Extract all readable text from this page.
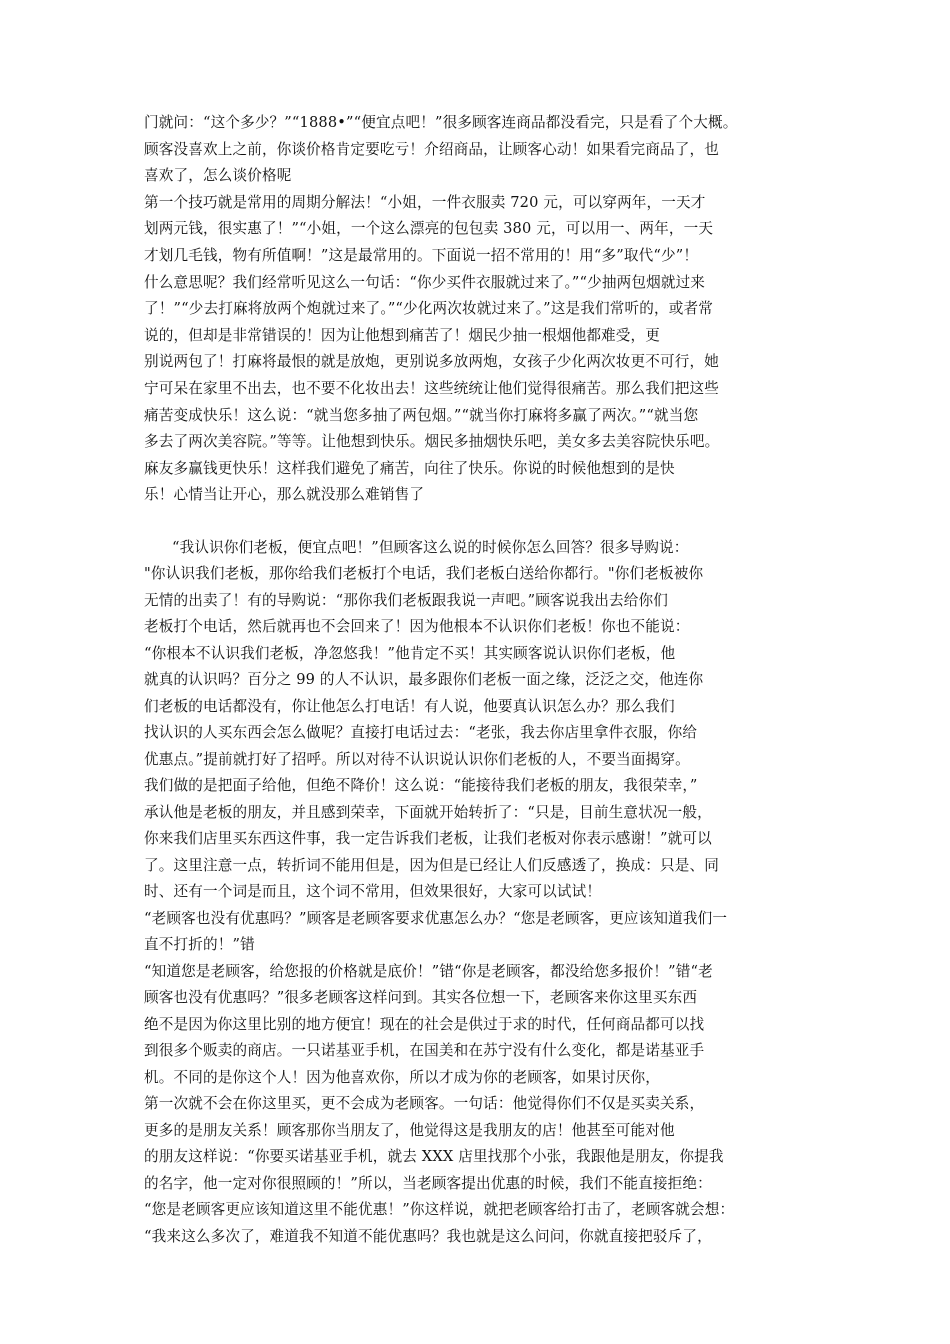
门就问：“这个多少？”“1888•”“便宜点吧！”很多顾客连商品都没看完，只是看了个大概。
顾客没喜欢上之前，你谈价格肯定要吃亏！介绍商品，让顾客心动！如果看完商品了，也
喜欢了，怎么谈价格呢
第一个技巧就是常用的周期分解法！“小姐，一件衣服卖 720 元，可以穿两年，一天才
划两元钱，很实惠了！”“小姐，一个这么漂亮的包包卖 380 元，可以用一、两年，一天
才划几毛钱，物有所值啊！”这是最常用的。下面说一招不常用的！用“多”取代“少”！
什么意思呢？我们经常听见这么一句话：“你少买件衣服就过来了。”“少抽两包烟就过来
了！”“少去打麻将放两个炮就过来了。”“少化两次妆就过来了。”这是我们常听的，或者常
说的，但却是非常错误的！因为让他想到痛苦了！烟民少抽一根烟他都难受，更
别说两包了！打麻将最恨的就是放炮，更别说多放两炮，女孩子少化两次妆更不可行，她
宁可呆在家里不出去，也不要不化妆出去！这些统统让他们觉得很痛苦。那么我们把这些
痛苦变成快乐！这么说：“就当您多抽了两包烟。”“就当你打麻将多赢了两次。”“就当您
多去了两次美容院。”等等。让他想到快乐。烟民多抽烟快乐吧，美女多去美容院快乐吧。
麻友多赢钱更快乐！这样我们避免了痛苦，向往了快乐。你说的时候他想到的是快
乐！心情当让开心，那么就没那么难销售了
“我认识你们老板，便宜点吧！”但顾客这么说的时候你怎么回答？很多导购说：
"你认识我们老板，那你给我们老板打个电话，我们老板白送给你都行。"你们老板被你
无情的出卖了！有的导购说：“那你我们老板跟我说一声吧。”顾客说我出去给你们
老板打个电话，然后就再也不会回来了！因为他根本不认识你们老板！你也不能说：
“你根本不认识我们老板，净忽悠我！”他肯定不买！其实顾客说认识你们老板，他
就真的认识吗？百分之 99 的人不认识，最多跟你们老板一面之缘，泛泛之交，他连你
们老板的电话都没有，你让他怎么打电话！有人说，他要真认识怎么办？那么我们
找认识的人买东西会怎么做呢？直接打电话过去：“老张，我去你店里拿件衣服，你给
优惠点。”提前就打好了招呼。所以对待不认识说认识你们老板的人，不要当面揭穿。
我们做的是把面子给他，但绝不降价！这么说：“能接待我们老板的朋友，我很荣幸，”
承认他是老板的朋友，并且感到荣幸，下面就开始转折了：“只是，目前生意状况一般，
你来我们店里买东西这件事，我一定告诉我们老板，让我们老板对你表示感谢！”就可以
了。这里注意一点，转折词不能用但是，因为但是已经让人们反感透了，换成：只是、同
时、还有一个词是而且，这个词不常用，但效果很好，大家可以试试！
“老顾客也没有优惠吗？”顾客是老顾客要求优惠怎么办？“您是老顾客，更应该知道我们一
直不打折的！”错
“知道您是老顾客，给您报的价格就是底价！”错“你是老顾客，都没给您多报价！”错“老
顾客也没有优惠吗？”很多老顾客这样问到。其实各位想一下，老顾客来你这里买东西
绝不是因为你这里比别的地方便宜！现在的社会是供过于求的时代，任何商品都可以找
到很多个贩卖的商店。一只诺基亚手机，在国美和在苏宁没有什么变化，都是诺基亚手
机。不同的是你这个人！因为他喜欢你，所以才成为你的老顾客，如果讨厌你，
第一次就不会在你这里买，更不会成为老顾客。一句话：他觉得你们不仅是买卖关系，
更多的是朋友关系！顾客那你当朋友了，他觉得这是我朋友的店！他甚至可能对他
的朋友这样说：“你要买诺基亚手机，就去 XXX 店里找那个小张，我跟他是朋友，你提我
的名字，他一定对你很照顾的！”所以，当老顾客提出优惠的时候，我们不能直接拒绝：
“您是老顾客更应该知道这里不能优惠！”你这样说，就把老顾客给打击了，老顾客就会想：
“我来这么多次了，难道我不知道不能优惠吗？我也就是这么问问，你就直接把驳斥了，
